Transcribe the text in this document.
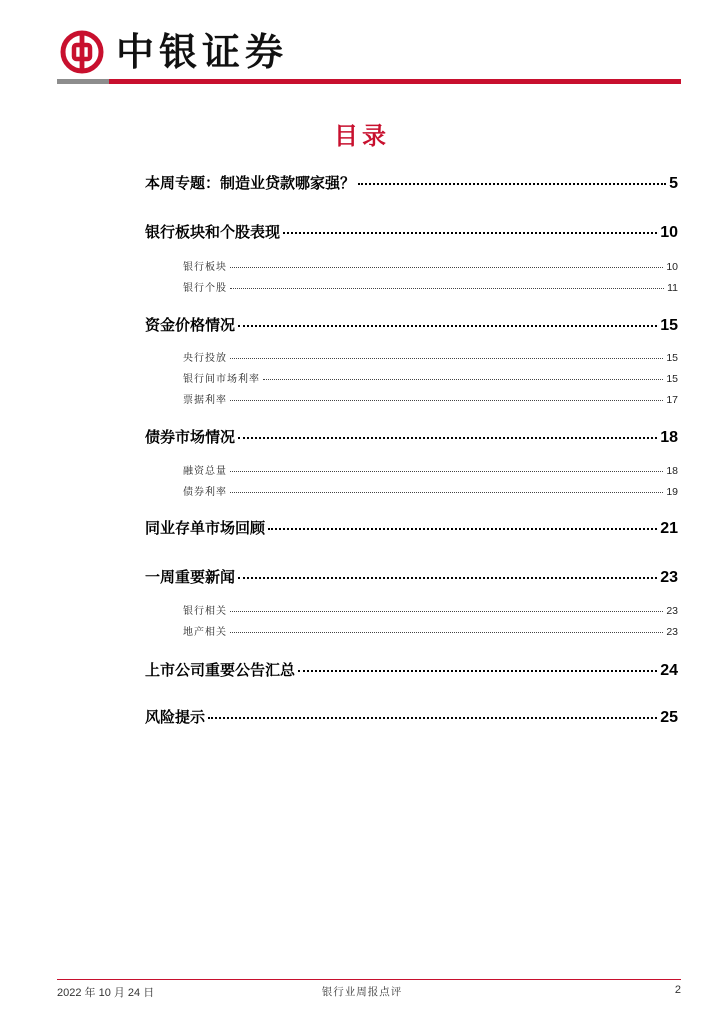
中银证券
目录
本周专题：制造业贷款哪家强？	5
银行板块和个股表现	10
银行板块	10
银行个股	11
资金价格情况	15
央行投放	15
银行间市场利率	15
票据利率	17
债券市场情况	18
融资总量	18
债券利率	19
同业存单市场回顾	21
一周重要新闻	23
银行相关	23
地产相关	23
上市公司重要公告汇总	24
风险提示	25
2022 年 10 月 24 日	银行业周报点评	2
